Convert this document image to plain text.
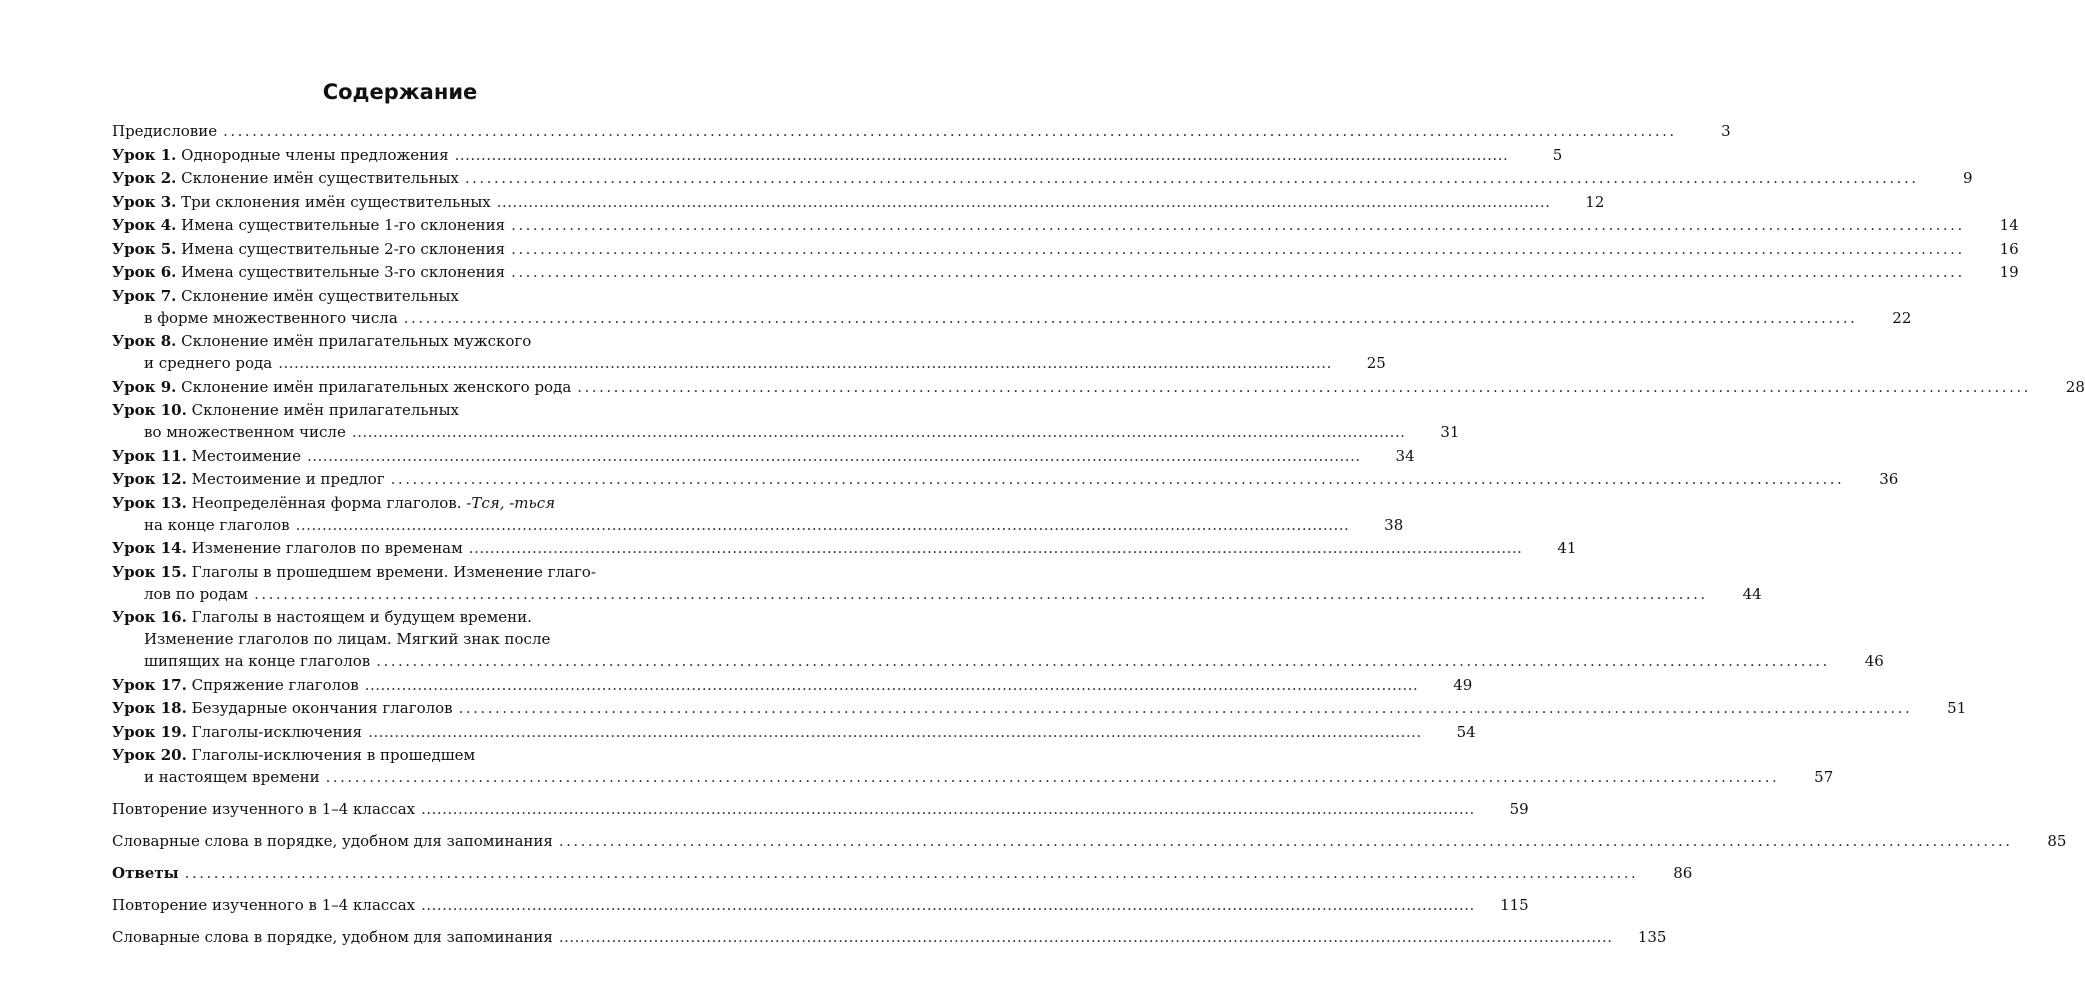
Содержание
Предисловие ........................................................................................................................................................................................................	3
Урок 1. Однородные члены предложения ........................................................................................................................................................................................................	5
Урок 2. Склонение имён существительных ........................................................................................................................................................................................................	9
Урок 3. Три склонения имён существительных ........................................................................................................................................................................................................	12
Урок 4. Имена существительные 1-го склонения ........................................................................................................................................................................................................	14
Урок 5. Имена существительные 2-го склонения ........................................................................................................................................................................................................	16
Урок 6. Имена существительные 3-го склонения ........................................................................................................................................................................................................	19
Урок 7. Склонение имён существительных
в форме множественного числа ........................................................................................................................................................................................................	22
Урок 8. Склонение имён прилагательных мужского
и среднего рода ........................................................................................................................................................................................................	25
Урок 9. Склонение имён прилагательных женского рода ........................................................................................................................................................................................................	28
Урок 10. Склонение имён прилагательных
во множественном числе ........................................................................................................................................................................................................	31
Урок 11. Местоимение ........................................................................................................................................................................................................	34
Урок 12. Местоимение и предлог ........................................................................................................................................................................................................	36
Урок 13. Неопределённая форма глаголов. -Тся, -ться
на конце глаголов ........................................................................................................................................................................................................	38
Урок 14. Изменение глаголов по временам ........................................................................................................................................................................................................	41
Урок 15. Глаголы в прошедшем времени. Изменение глаго-
лов по родам ........................................................................................................................................................................................................	44
Урок 16. Глаголы в настоящем и будущем времени.
Изменение глаголов по лицам. Мягкий знак после
шипящих на конце глаголов ........................................................................................................................................................................................................	46
Урок 17. Спряжение глаголов ........................................................................................................................................................................................................	49
Урок 18. Безударные окончания глаголов ........................................................................................................................................................................................................	51
Урок 19. Глаголы-исключения ........................................................................................................................................................................................................	54
Урок 20. Глаголы-исключения в прошедшем
и настоящем времени ........................................................................................................................................................................................................	57
Повторение изученного в 1–4 классах ........................................................................................................................................................................................................	59
Словарные слова в порядке, удобном для запоминания ........................................................................................................................................................................................................	85
Ответы ........................................................................................................................................................................................................	86
Повторение изученного в 1–4 классах ........................................................................................................................................................................................................	115
Словарные слова в порядке, удобном для запоминания ........................................................................................................................................................................................................	135
